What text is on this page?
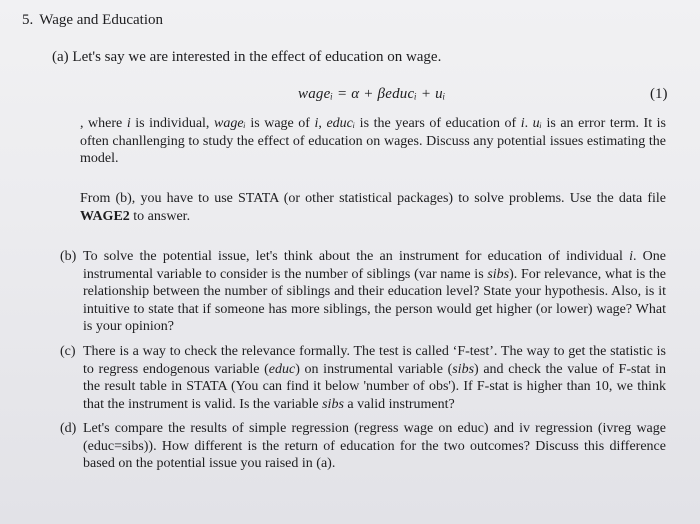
5. Wage and Education
(a) Let's say we are interested in the effect of education on wage.
wageᵢ = α + βeducᵢ + uᵢ	(1)
, where i is individual, wageᵢ is wage of i, educᵢ is the years of education of i. uᵢ is an error term. It is often chanllenging to study the effect of education on wages. Discuss any potential issues estimating the model.
From (b), you have to use STATA (or other statistical packages) to solve problems. Use the data file WAGE2 to answer.
(b) To solve the potential issue, let's think about the an instrument for education of individual i. One instrumental variable to consider is the number of siblings (var name is sibs). For relevance, what is the relationship between the number of siblings and their education level? State your hypothesis. Also, is it intuitive to state that if someone has more siblings, the person would get higher (or lower) wage? What is your opinion?
(c) There is a way to check the relevance formally. The test is called ‘F-test’. The way to get the statistic is to regress endogenous variable (educ) on instrumental variable (sibs) and check the value of F-stat in the result table in STATA (You can find it below 'number of obs'). If F-stat is higher than 10, we think that the instrument is valid. Is the variable sibs a valid instrument?
(d) Let's compare the results of simple regression (regress wage on educ) and iv regression (ivreg wage (educ=sibs)). How different is the return of education for the two outcomes? Discuss this difference based on the potential issue you raised in (a).
